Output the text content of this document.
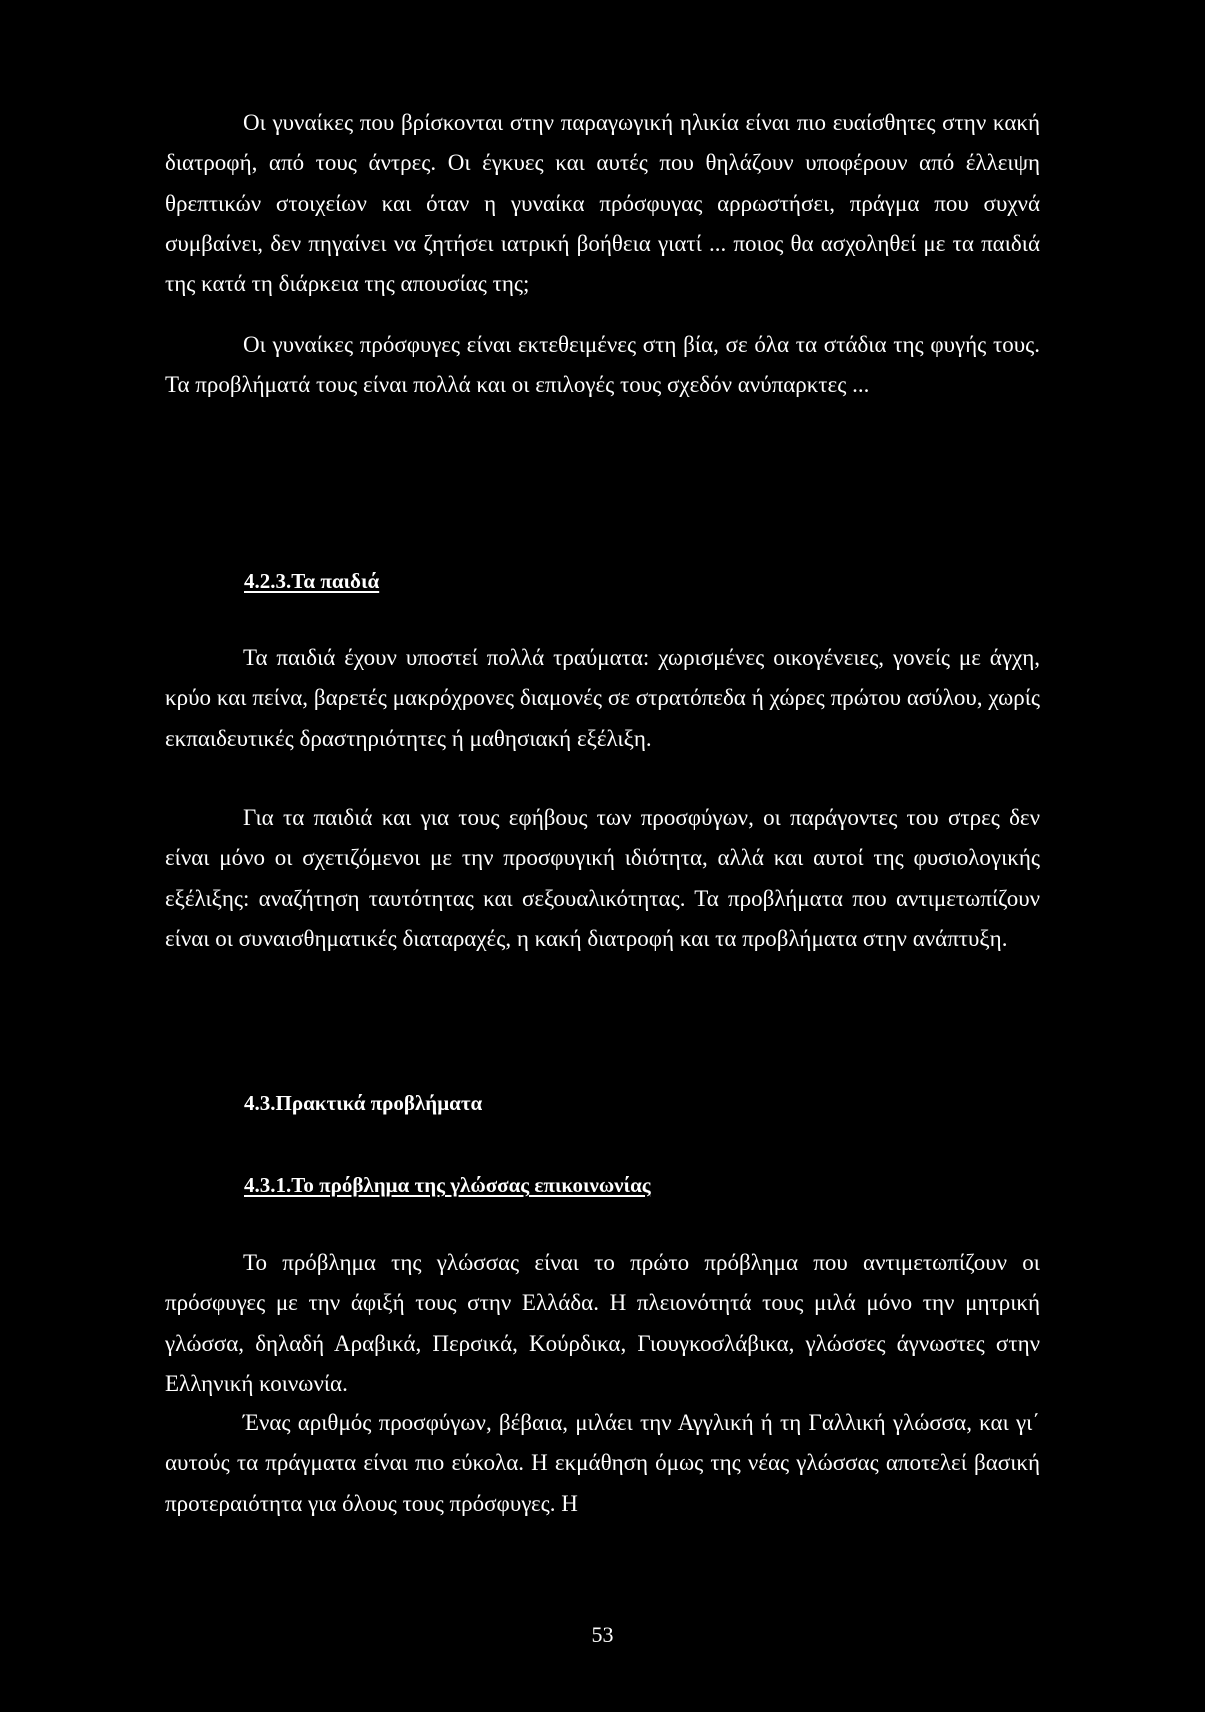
Οι γυναίκες που βρίσκονται στην παραγωγική ηλικία είναι πιο ευαίσθητες στην κακή διατροφή, από τους άντρες. Οι έγκυες και αυτές που θηλάζουν υποφέρουν από έλλειψη θρεπτικών στοιχείων και όταν η γυναίκα πρόσφυγας αρρωστήσει, πράγμα που συχνά συμβαίνει, δεν πηγαίνει να ζητήσει ιατρική βοήθεια γιατί ... ποιος θα ασχοληθεί με τα παιδιά της κατά τη διάρκεια της απουσίας της;

Οι γυναίκες πρόσφυγες είναι εκτεθειμένες στη βία, σε όλα τα στάδια της φυγής τους. Τα προβλήματά τους είναι πολλά και οι επιλογές τους σχεδόν ανύπαρκτες ...

4.2.3.Τα παιδιά

Τα παιδιά έχουν υποστεί πολλά τραύματα: χωρισμένες οικογένειες, γονείς με άγχη, κρύο και πείνα, βαρετές μακρόχρονες διαμονές σε στρατόπεδα ή χώρες πρώτου ασύλου, χωρίς εκπαιδευτικές δραστηριότητες ή μαθησιακή εξέλιξη.

Για τα παιδιά και για τους εφήβους των προσφύγων, οι παράγοντες του στρες δεν είναι μόνο οι σχετιζόμενοι με την προσφυγική ιδιότητα, αλλά και αυτοί της φυσιολογικής εξέλιξης: αναζήτηση ταυτότητας και σεξουαλικότητας. Τα προβλήματα που αντιμετωπίζουν είναι οι συναισθηματικές διαταραχές, η κακή διατροφή και τα προβλήματα στην ανάπτυξη.

4.3.Πρακτικά προβλήματα
4.3.1.Το πρόβλημα της γλώσσας επικοινωνίας

Το πρόβλημα της γλώσσας είναι το πρώτο πρόβλημα που αντιμετωπίζουν οι πρόσφυγες με την άφιξή τους στην Ελλάδα. Η πλειονότητά τους μιλά μόνο την μητρική γλώσσα, δηλαδή Αραβικά, Περσικά, Κούρδικα, Γιουγκοσλάβικα, γλώσσες άγνωστες στην Ελληνική κοινωνία.

Ένας αριθμός προσφύγων, βέβαια, μιλάει την Αγγλική ή τη Γαλλική γλώσσα, και γι΄ αυτούς τα πράγματα είναι πιο εύκολα. Η εκμάθηση όμως της νέας γλώσσας αποτελεί βασική προτεραιότητα για όλους τους πρόσφυγες. Η

53
